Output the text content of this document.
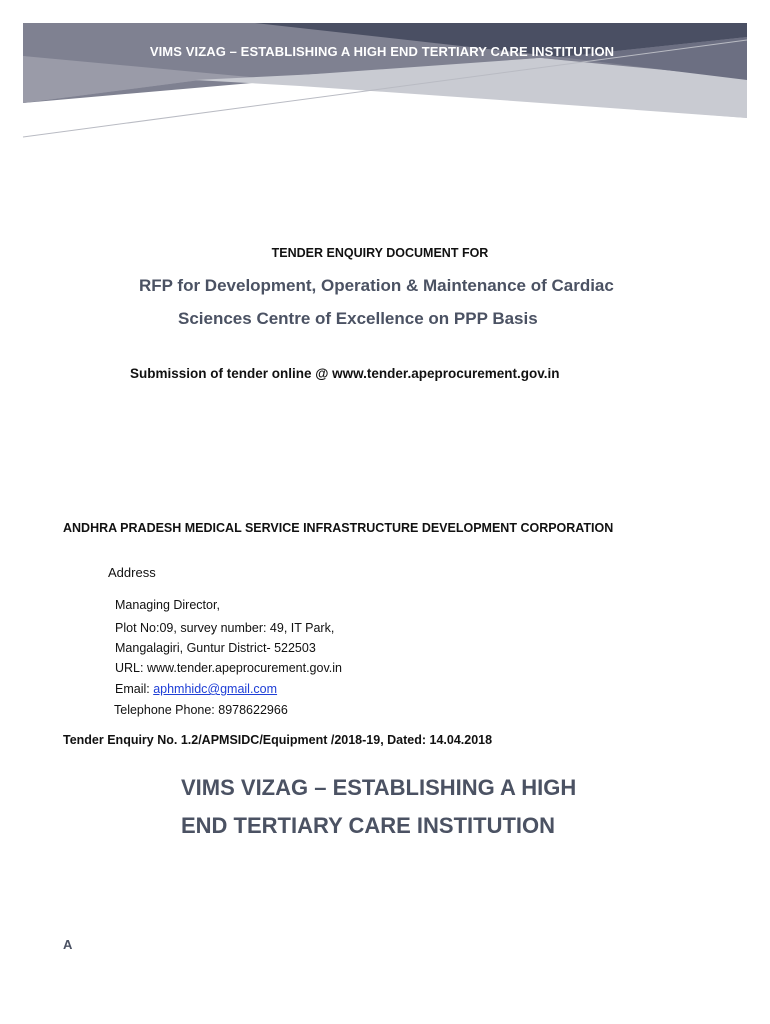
VIMS VIZAG – ESTABLISHING A HIGH END TERTIARY CARE INSTITUTION
TENDER ENQUIRY DOCUMENT FOR
RFP for Development, Operation & Maintenance of Cardiac
Sciences Centre of Excellence on PPP Basis
Submission of tender online @ www.tender.apeprocurement.gov.in
ANDHRA PRADESH MEDICAL SERVICE INFRASTRUCTURE DEVELOPMENT CORPORATION
Address
Managing Director,
Plot No:09, survey number: 49, IT Park,
Mangalagiri, Guntur District- 522503
URL: www.tender.apeprocurement.gov.in
Email: aphmhidc@gmail.com
Telephone Phone: 8978622966
Tender Enquiry No. 1.2/APMSIDC/Equipment /2018-19, Dated: 14.04.2018
VIMS VIZAG – ESTABLISHING A HIGH
END TERTIARY CARE INSTITUTION
A
